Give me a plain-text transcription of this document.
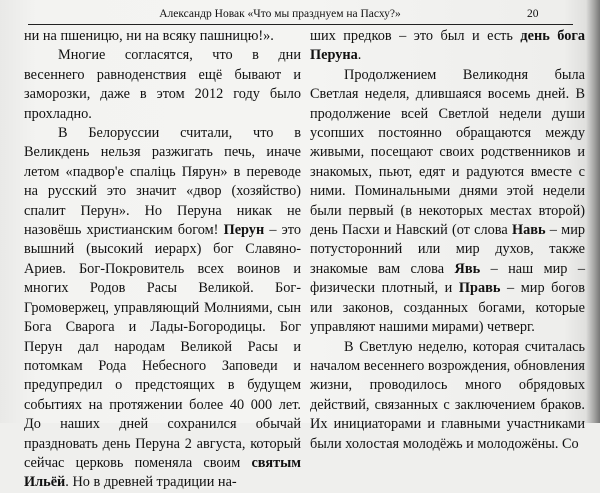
Александр Новак «Что мы празднуем на Пасху?»	20

ни на пшеницю, ни на всяку пашницю!».

Многие согласятся, что в дни весеннего равноденствия ещё бывают и заморозки, даже в этом 2012 году было прохладно.

В Белоруссии считали, что в Великдень нельзя разжигать печь, иначе летом «падвор'е спаліць Пярун» в переводе на русский это значит «двор (хозяйство) спалит Перун». Но Перуна никак не назовёшь христианским богом! Перун – это вышний (высокий иерарх) бог Славяно-Ариев. Бог-Покровитель всех воинов и многих Родов Расы Великой. Бог-Громовержец, управляющий Молниями, сын Бога Сварога и Лады-Богородицы. Бог Перун дал народам Великой Расы и потомкам Рода Небесного Заповеди и предупредил о предстоящих в будущем событиях на протяжении более 40 000 лет. До наших дней сохранился обычай праздновать день Перуна 2 августа, который сейчас церковь поменяла своим святым Ильёй. Но в древней традиции на-

ших предков – это был и есть день бога Перуна.

Продолжением Великодня была Светлая неделя, длившаяся восемь дней. В продолжение всей Светлой недели души усопших постоянно обращаются между живыми, посещают своих родственников и знакомых, пьют, едят и радуются вместе с ними. Поминальными днями этой недели были первый (в некоторых местах второй) день Пасхи и Навский (от слова Навь – мир потусторонний или мир духов, также знакомые вам слова Явь – наш мир – физически плотный, и Правь – мир богов или законов, созданных богами, которые управляют нашими мирами) четверг.

В Светлую неделю, которая считалась началом весеннего возрождения, обновления жизни, проводилось много обрядовых действий, связанных с заключением браков. Их инициаторами и главными участниками были холостая молодёжь и молодожёны. Со
